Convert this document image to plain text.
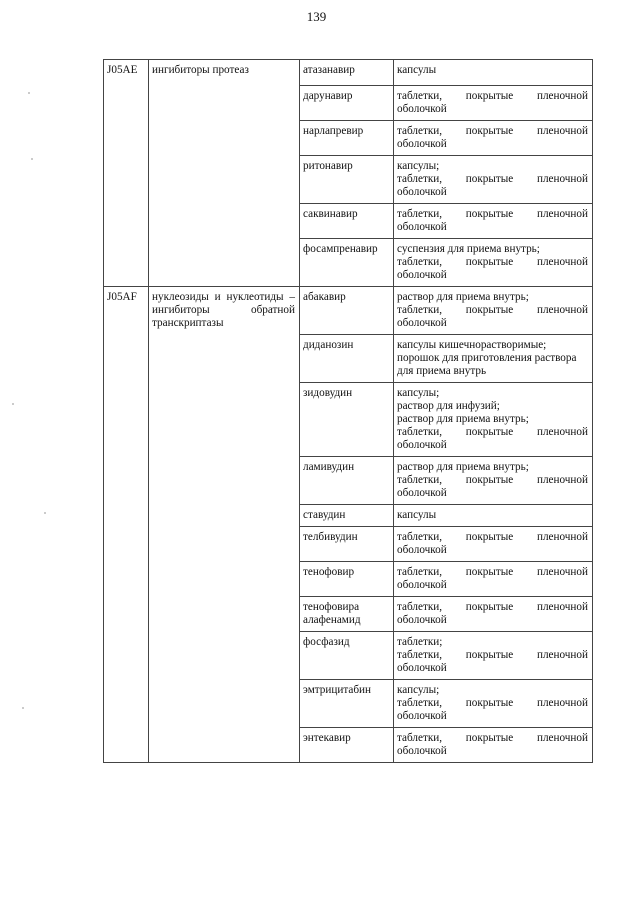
139
J05AE	ингибиторы протеаз	атазанавир	капсулы

		дарунавир	таблетки, покрытые пленочной
оболочкой

		нарлапревир	таблетки, покрытые пленочной
оболочкой

		ритонавир	капсулы;
таблетки, покрытые пленочной
оболочкой

		саквинавир	таблетки, покрытые пленочной
оболочкой

		фосампренавир	суспензия для приема внутрь;
таблетки, покрытые пленочной
оболочкой

J05AF	нуклеозиды и нуклеотиды – ингибиторы обратной транскриптазы	абакавир	раствор для приема внутрь;
таблетки, покрытые пленочной
оболочкой

		диданозин	капсулы кишечнорастворимые;
порошок для приготовления раствора
для приема внутрь

		зидовудин	капсулы;
раствор для инфузий;
раствор для приема внутрь;
таблетки, покрытые пленочной
оболочкой

		ламивудин	раствор для приема внутрь;
таблетки, покрытые пленочной
оболочкой

		ставудин	капсулы

		телбивудин	таблетки, покрытые пленочной
оболочкой

		тенофовир	таблетки, покрытые пленочной
оболочкой

		тенофовира алафенамид	таблетки, покрытые пленочной
оболочкой

		фосфазид	таблетки;
таблетки, покрытые пленочной
оболочкой

		эмтрицитабин	капсулы;
таблетки, покрытые пленочной
оболочкой

		энтекавир	таблетки, покрытые пленочной
оболочкой
